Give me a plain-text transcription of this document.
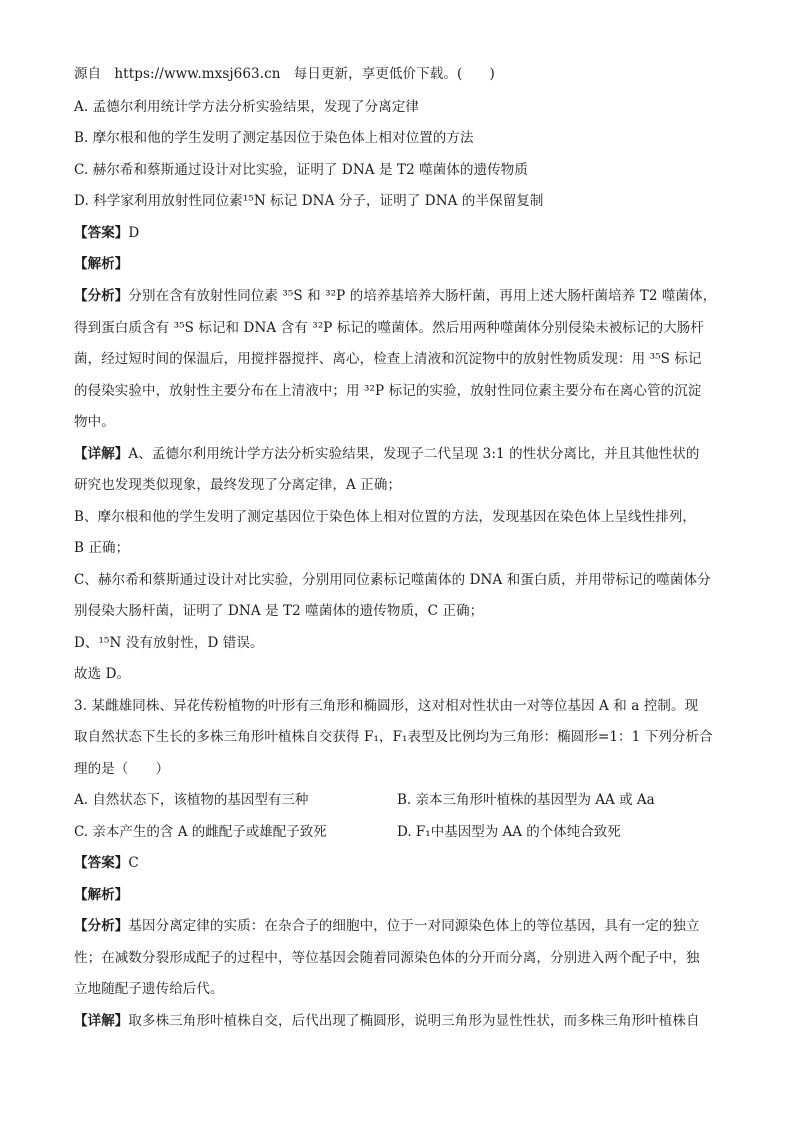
源自 https://www.mxsj663.cn 每日更新，享更低价下载。(　　)
A. 孟德尔利用统计学方法分析实验结果，发现了分离定律
B. 摩尔根和他的学生发明了测定基因位于染色体上相对位置的方法
C. 赫尔希和蔡斯通过设计对比实验，证明了 DNA 是 T2 噬菌体的遗传物质
D. 科学家利用放射性同位素¹⁵N 标记 DNA 分子，证明了 DNA 的半保留复制
【答案】D
【解析】
【分析】分别在含有放射性同位素 ³⁵S 和 ³²P 的培养基培养大肠杆菌，再用上述大肠杆菌培养 T2 噬菌体，
得到蛋白质含有 ³⁵S 标记和 DNA 含有 ³²P 标记的噬菌体。然后用两种噬菌体分别侵染未被标记的大肠杆
菌，经过短时间的保温后，用搅拌器搅拌、离心，检查上清液和沉淀物中的放射性物质发现：用 ³⁵S 标记
的侵染实验中，放射性主要分布在上清液中；用 ³²P 标记的实验，放射性同位素主要分布在离心管的沉淀
物中。
【详解】A、孟德尔利用统计学方法分析实验结果，发现子二代呈现 3:1 的性状分离比，并且其他性状的
研究也发现类似现象，最终发现了分离定律，A 正确；
B、摩尔根和他的学生发明了测定基因位于染色体上相对位置的方法，发现基因在染色体上呈线性排列，
B 正确；
C、赫尔希和蔡斯通过设计对比实验，分别用同位素标记噬菌体的 DNA 和蛋白质，并用带标记的噬菌体分
别侵染大肠杆菌，证明了 DNA 是 T2 噬菌体的遗传物质，C 正确；
D、¹⁵N 没有放射性，D 错误。
故选 D。
3. 某雌雄同株、异花传粉植物的叶形有三角形和椭圆形，这对相对性状由一对等位基因 A 和 a 控制。现
取自然状态下生长的多株三角形叶植株自交获得 F₁，F₁表型及比例均为三角形：椭圆形=1：1 下列分析合
理的是（　　）
A. 自然状态下，该植物的基因型有三种	B. 亲本三角形叶植株的基因型为 AA 或 Aa
C. 亲本产生的含 A 的雌配子或雄配子致死	D. F₁中基因型为 AA 的个体纯合致死
【答案】C
【解析】
【分析】基因分离定律的实质：在杂合子的细胞中，位于一对同源染色体上的等位基因，具有一定的独立
性；在减数分裂形成配子的过程中，等位基因会随着同源染色体的分开而分离，分别进入两个配子中，独
立地随配子遗传给后代。
【详解】取多株三角形叶植株自交，后代出现了椭圆形，说明三角形为显性性状，而多株三角形叶植株自
